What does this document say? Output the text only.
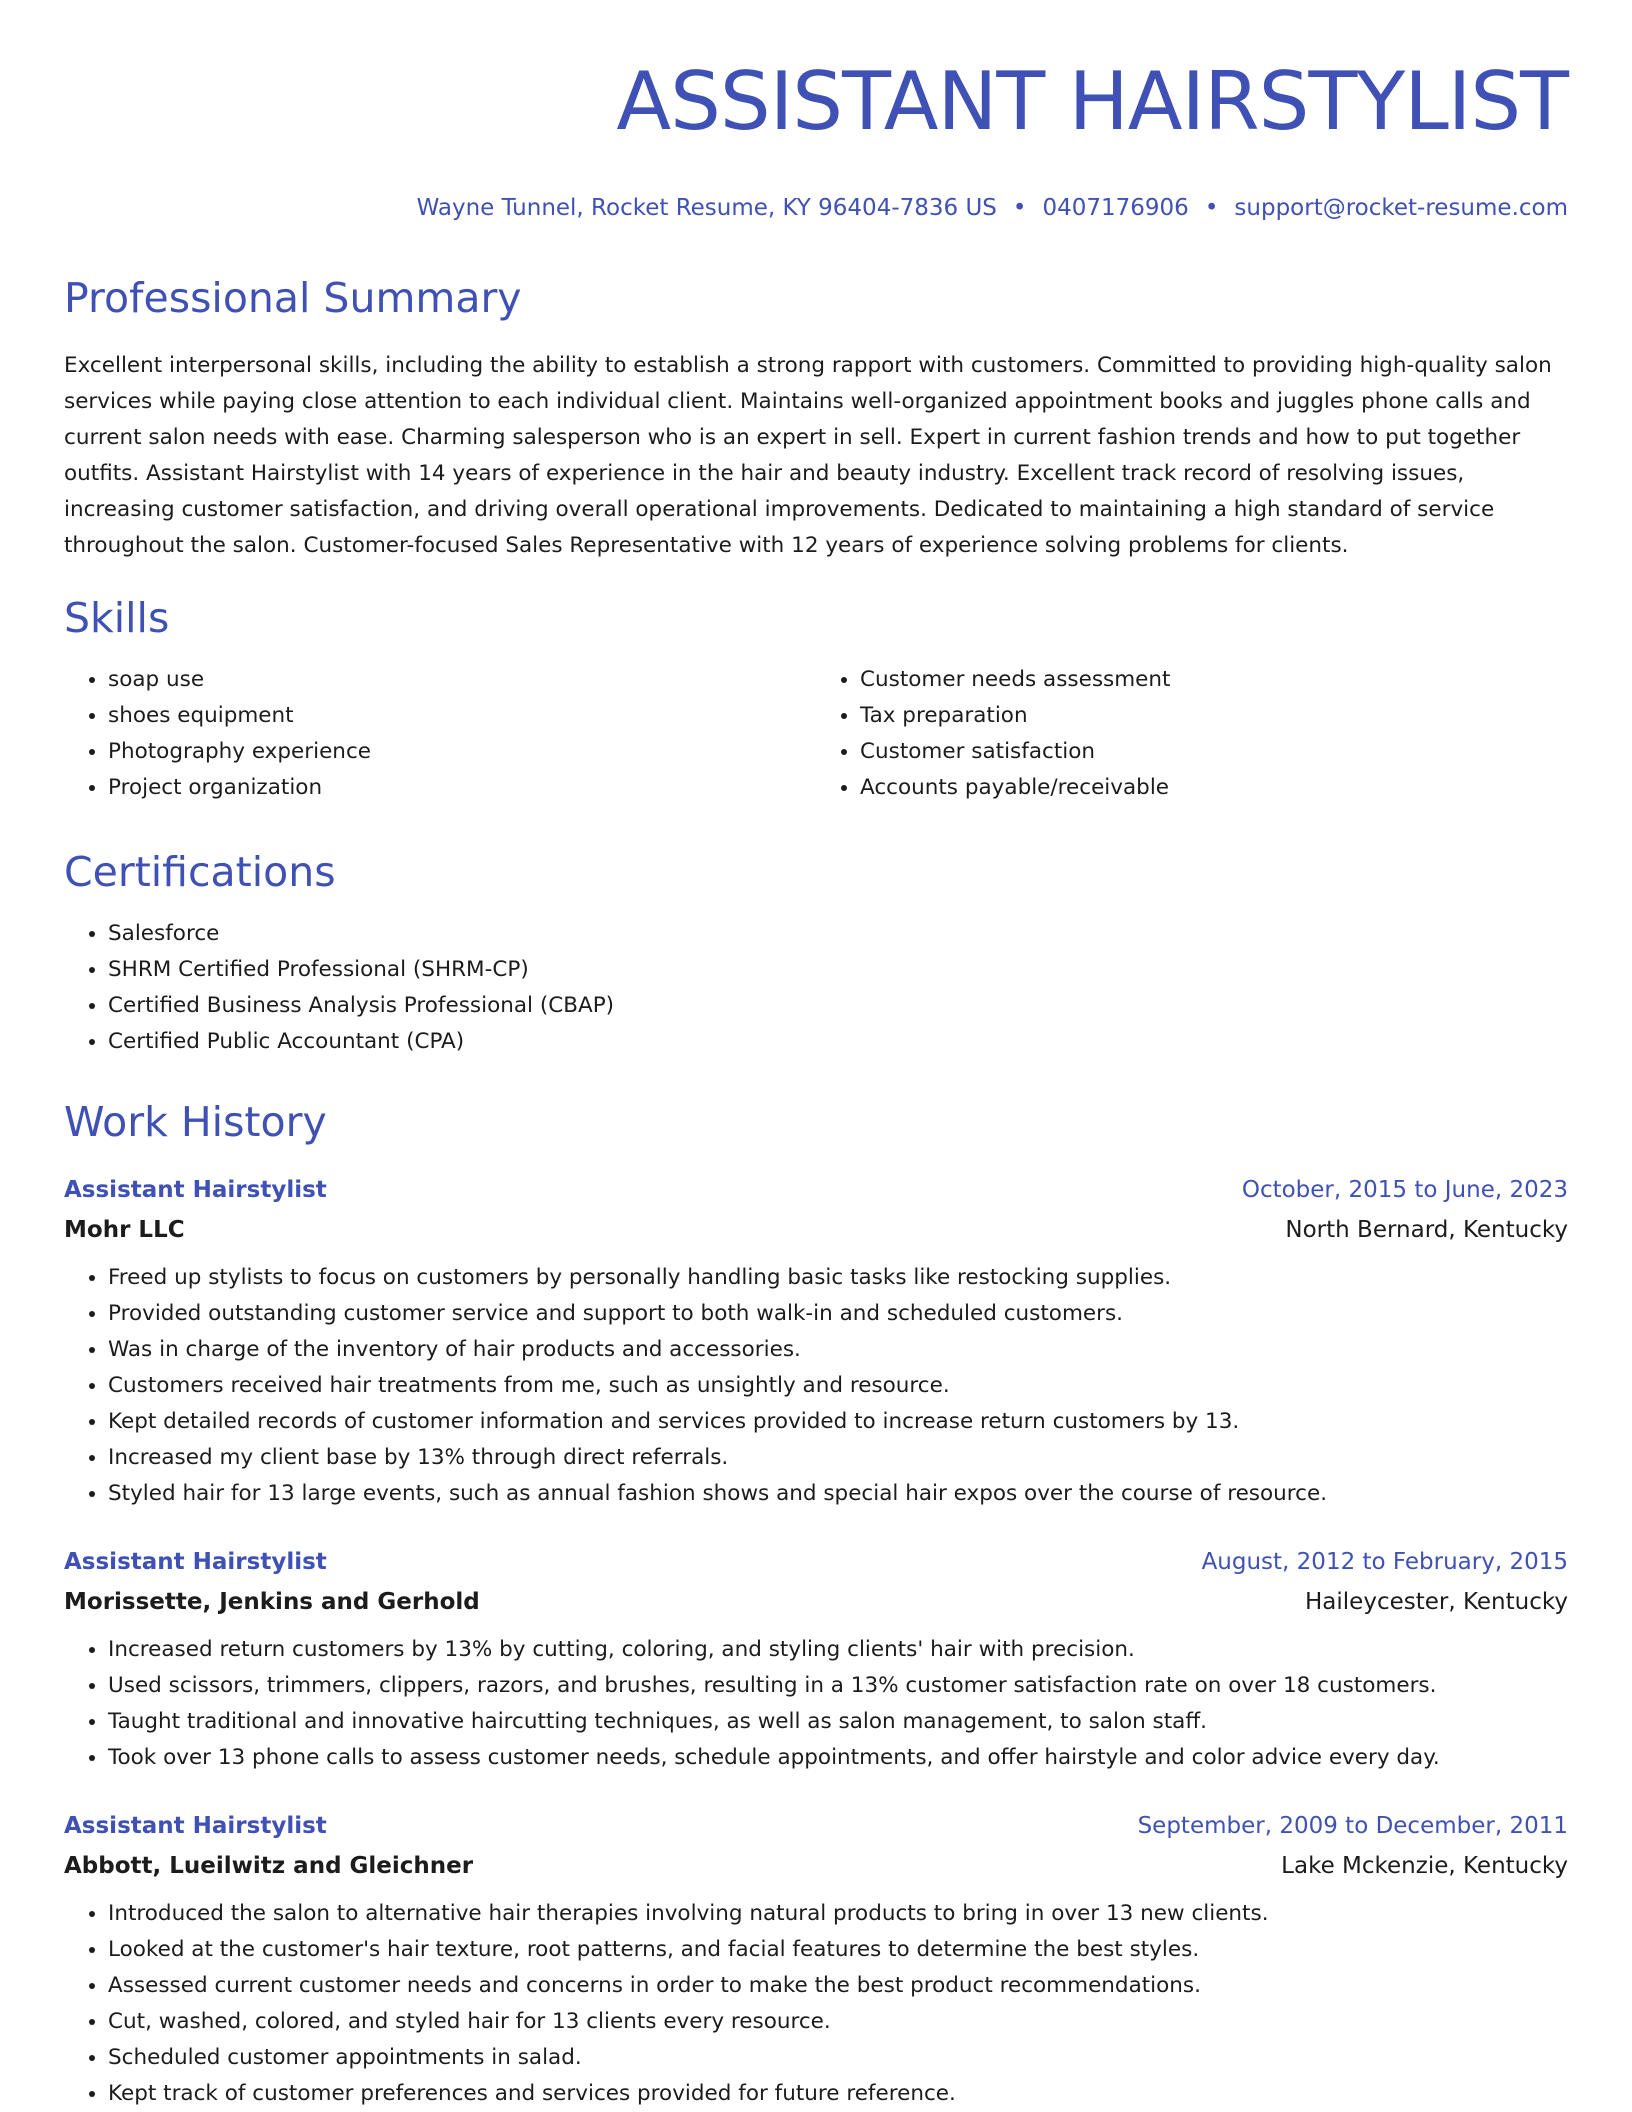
ASSISTANT HAIRSTYLIST
Wayne Tunnel, Rocket Resume, KY 96404-7836 US • 0407176906 • support@rocket-resume.com
Professional Summary

Excellent interpersonal skills, including the ability to establish a strong rapport with customers. Committed to providing high-quality salon services while paying close attention to each individual client. Maintains well-organized appointment books and juggles phone calls and current salon needs with ease. Charming salesperson who is an expert in sell. Expert in current fashion trends and how to put together outfits. Assistant Hairstylist with 14 years of experience in the hair and beauty industry. Excellent track record of resolving issues, increasing customer satisfaction, and driving overall operational improvements. Dedicated to maintaining a high standard of service throughout the salon. Customer-focused Sales Representative with 12 years of experience solving problems for clients.

Skills
• soap use
• shoes equipment
• Photography experience
• Project organization
• Customer needs assessment
• Tax preparation
• Customer satisfaction
• Accounts payable/receivable
Certifications
• Salesforce
• SHRM Certified Professional (SHRM-CP)
• Certified Business Analysis Professional (CBAP)
• Certified Public Accountant (CPA)
Work History
Assistant Hairstylist	October, 2015 to June, 2023
Mohr LLC	North Bernard, Kentucky
• Freed up stylists to focus on customers by personally handling basic tasks like restocking supplies.
• Provided outstanding customer service and support to both walk-in and scheduled customers.
• Was in charge of the inventory of hair products and accessories.
• Customers received hair treatments from me, such as unsightly and resource.
• Kept detailed records of customer information and services provided to increase return customers by 13.
• Increased my client base by 13% through direct referrals.
• Styled hair for 13 large events, such as annual fashion shows and special hair expos over the course of resource.
Assistant Hairstylist	August, 2012 to February, 2015
Morissette, Jenkins and Gerhold	Haileycester, Kentucky
• Increased return customers by 13% by cutting, coloring, and styling clients' hair with precision.
• Used scissors, trimmers, clippers, razors, and brushes, resulting in a 13% customer satisfaction rate on over 18 customers.
• Taught traditional and innovative haircutting techniques, as well as salon management, to salon staff.
• Took over 13 phone calls to assess customer needs, schedule appointments, and offer hairstyle and color advice every day.
Assistant Hairstylist	September, 2009 to December, 2011
Abbott, Lueilwitz and Gleichner	Lake Mckenzie, Kentucky
• Introduced the salon to alternative hair therapies involving natural products to bring in over 13 new clients.
• Looked at the customer's hair texture, root patterns, and facial features to determine the best styles.
• Assessed current customer needs and concerns in order to make the best product recommendations.
• Cut, washed, colored, and styled hair for 13 clients every resource.
• Scheduled customer appointments in salad.
• Kept track of customer preferences and services provided for future reference.
